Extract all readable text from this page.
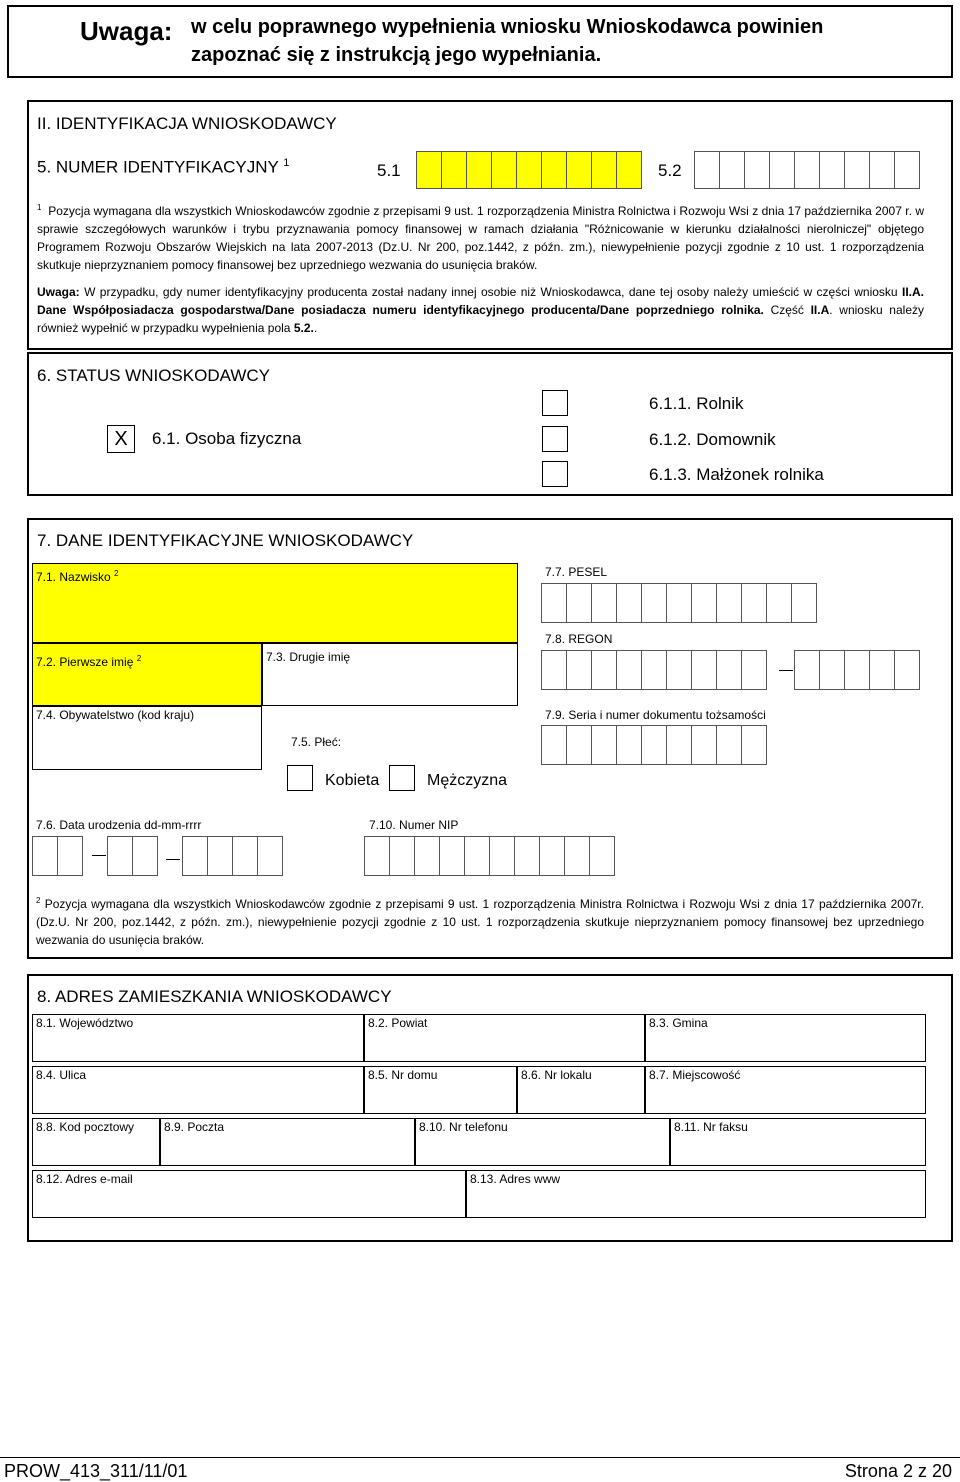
Uwaga: w celu poprawnego wypełnienia wniosku Wnioskodawca powinien
zapoznać się z instrukcją jego wypełniania.
II. IDENTYFIKACJA WNIOSKODAWCY
5. NUMER IDENTYFIKACYJNY $^1$	5.1	5.2
$^1$ Pozycja wymagana dla wszystkich Wnioskodawców zgodnie z przepisami 9 ust. 1 rozporządzenia Ministra Rolnictwa i Rozwoju Wsi z dnia 17 października 2007 r. w sprawie szczegółowych warunków i trybu przyznawania pomocy finansowej w ramach działania "Różnicowanie w kierunku działalności nierolniczej" objętego Programem Rozwoju Obszarów Wiejskich na lata 2007-2013 (Dz.U. Nr 200, poz.1442, z późn. zm.), niewypełnienie pozycji zgodnie z 10 ust. 1 rozporządzenia skutkuje nieprzyznaniem pomocy finansowej bez uprzedniego wezwania do usunięcia braków.
Uwaga: W przypadku, gdy numer identyfikacyjny producenta został nadany innej osobie niż Wnioskodawca, dane tej osoby należy umieścić w części wniosku II.A. Dane Współposiadacza gospodarstwa/Dane posiadacza numeru identyfikacyjnego producenta/Dane poprzedniego rolnika. Część II.A. wniosku należy również wypełnić w przypadku wypełnienia pola 5.2..
6. STATUS WNIOSKODAWCY
X	6.1. Osoba fizyczna
6.1.1. Rolnik
6.1.2. Domownik
6.1.3. Małżonek rolnika
7. DANE IDENTYFIKACYJNE WNIOSKODAWCY
7.1. Nazwisko $^2$
7.2. Pierwsze imię $^2$	7.3. Drugie imię
7.7. PESEL
7.8. REGON
7.4. Obywatelstwo (kod kraju)	7.9. Seria i numer dokumentu tożsamości
7.5. Płeć:
Kobieta	Mężczyzna
7.6. Data urodzenia dd-mm-rrrr	7.10. Numer NIP
$^2$ Pozycja wymagana dla wszystkich Wnioskodawców zgodnie z przepisami 9 ust. 1 rozporządzenia Ministra Rolnictwa i Rozwoju Wsi z dnia 17 października 2007r. (Dz.U. Nr 200, poz.1442, z późn. zm.), niewypełnienie pozycji zgodnie z 10 ust. 1 rozporządzenia skutkuje nieprzyznaniem pomocy finansowej bez uprzedniego wezwania do usunięcia braków.
8. ADRES ZAMIESZKANIA WNIOSKODAWCY
8.1. Województwo	8.2. Powiat	8.3. Gmina
8.4. Ulica	8.5. Nr domu	8.6. Nr lokalu	8.7. Miejscowość
8.8. Kod pocztowy 8.9. Poczta	8.10. Nr telefonu	8.11. Nr faksu
8.12. Adres e-mail	8.13. Adres www
PROW_413_311/11/01	Strona 2 z 20
